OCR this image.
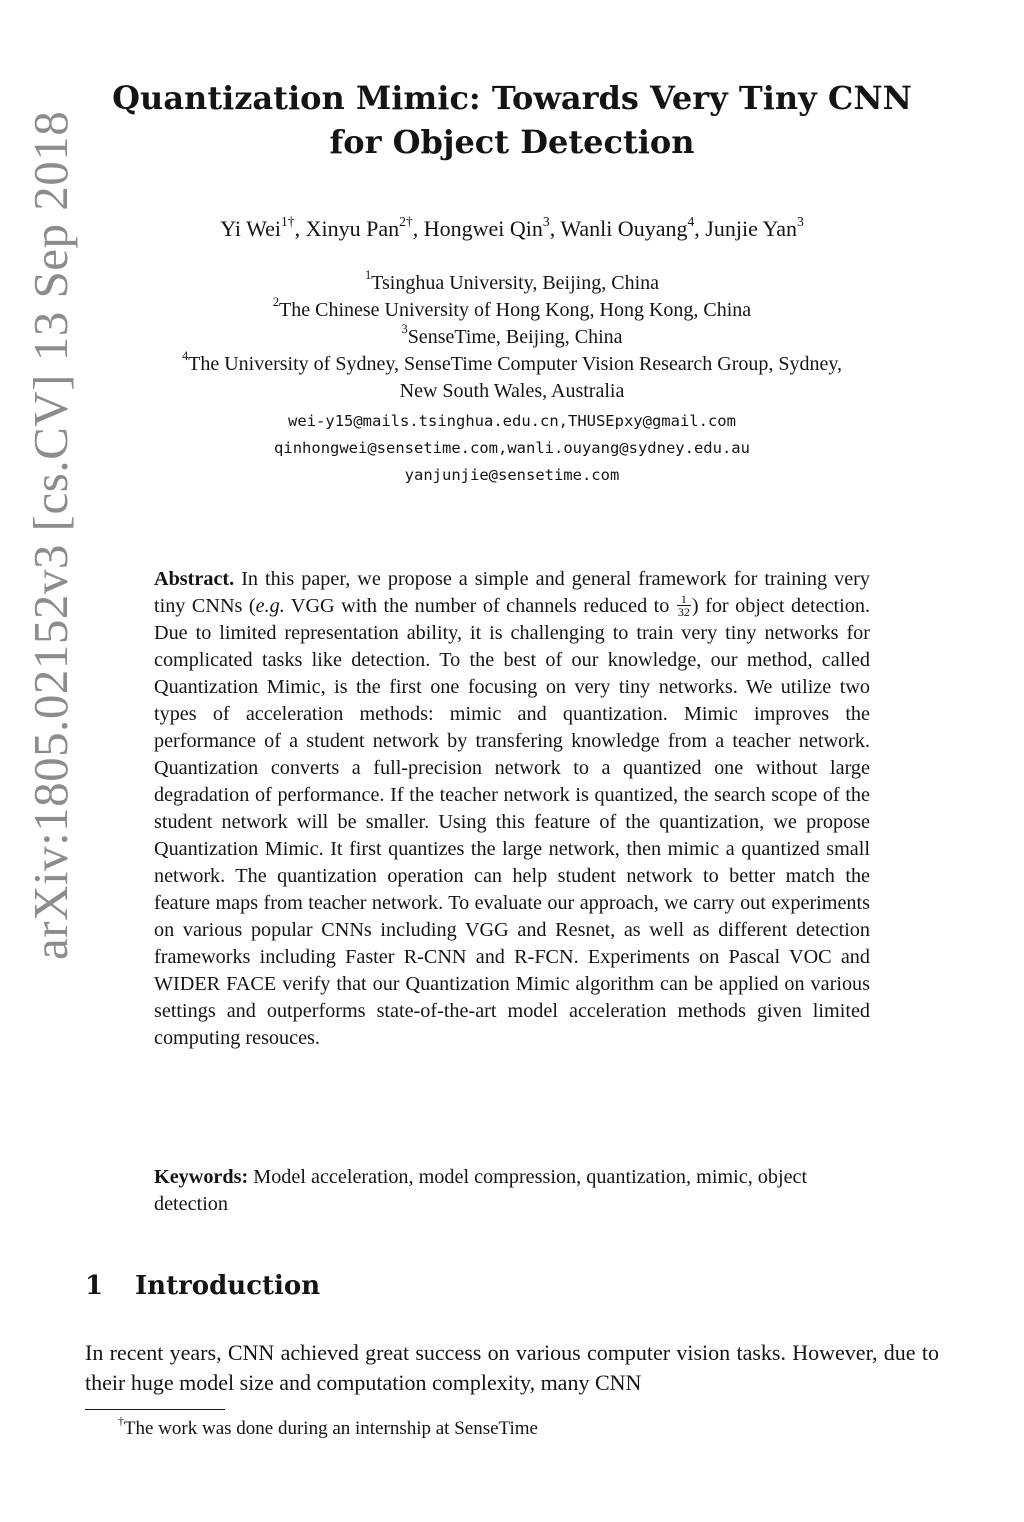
arXiv:1805.02152v3 [cs.CV] 13 Sep 2018
Quantization Mimic: Towards Very Tiny CNN
for Object Detection
Yi Wei$^{1\dagger}$, Xinyu Pan$^{2\dagger}$, Hongwei Qin$^3$, Wanli Ouyang$^4$, Junjie Yan$^3$
$^1$Tsinghua University, Beijing, China
$^2$The Chinese University of Hong Kong, Hong Kong, China
$^3$SenseTime, Beijing, China
$^4$The University of Sydney, SenseTime Computer Vision Research Group, Sydney,
New South Wales, Australia
wei-y15@mails.tsinghua.edu.cn,THUSEpxy@gmail.com
qinhongwei@sensetime.com,wanli.ouyang@sydney.edu.au
yanjunjie@sensetime.com

Abstract. In this paper, we propose a simple and general framework for training very tiny CNNs (e.g. VGG with the number of channels reduced to $\frac{1}{32}$ ) for object detection. Due to limited representation ability, it is challenging to train very tiny networks for complicated tasks like detection. To the best of our knowledge, our method, called Quantization Mimic, is the first one focusing on very tiny networks. We utilize two types of acceleration methods: mimic and quantization. Mimic improves the performance of a student network by transfering knowledge from a teacher network. Quantization converts a full-precision network to a quantized one without large degradation of performance. If the teacher network is quantized, the search scope of the student network will be smaller. Using this feature of the quantization, we propose Quantization Mimic. It first quantizes the large network, then mimic a quantized small network. The quantization operation can help student network to better match the feature maps from teacher network. To evaluate our approach, we carry out experiments on various popular CNNs including VGG and Resnet, as well as different detection frameworks including Faster R-CNN and R-FCN. Experiments on Pascal VOC and WIDER FACE verify that our Quantization Mimic algorithm can be applied on various settings and outperforms state-of-the-art model acceleration methods given limited computing resouces.

Keywords: Model acceleration, model compression, quantization, mimic, object detection
1 Introduction

In recent years, CNN achieved great success on various computer vision tasks. However, due to their huge model size and computation complexity, many CNN

†The work was done during an internship at SenseTime
